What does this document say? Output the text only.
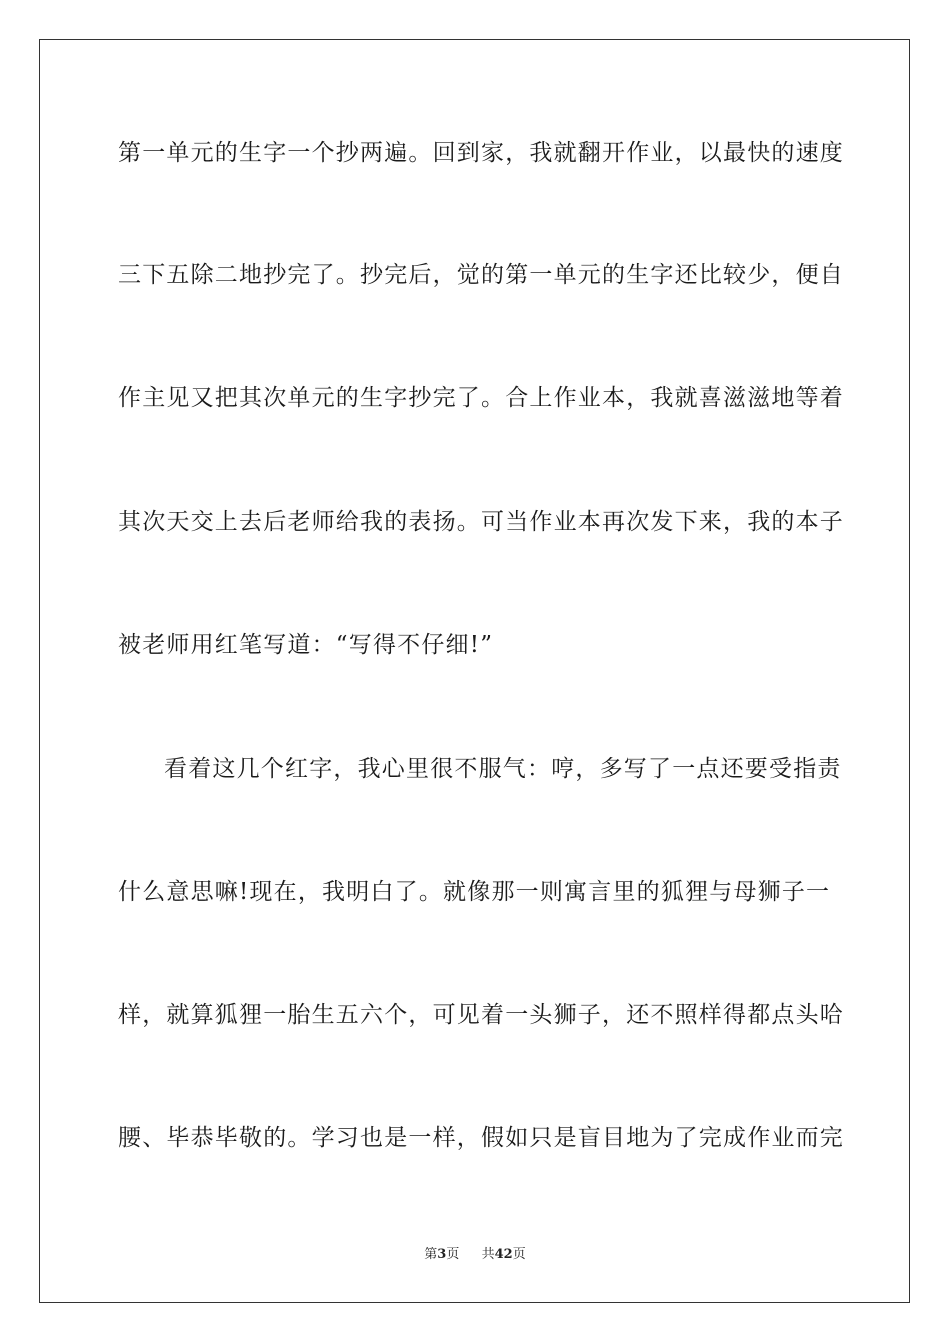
第一单元的生字一个抄两遍。回到家，我就翻开作业，以最快的速度
三下五除二地抄完了。抄完后，觉的第一单元的生字还比较少，便自
作主见又把其次单元的生字抄完了。合上作业本，我就喜滋滋地等着
其次天交上去后老师给我的表扬。可当作业本再次发下来，我的本子
被老师用红笔写道：“写得不仔细!”
看着这几个红字，我心里很不服气：哼，多写了一点还要受指责
什么意思嘛!现在，我明白了。就像那一则寓言里的狐狸与母狮子一
样，就算狐狸一胎生五六个，可见着一头狮子，还不照样得都点头哈
腰、毕恭毕敬的。学习也是一样，假如只是盲目地为了完成作业而完
第3页 共42页
